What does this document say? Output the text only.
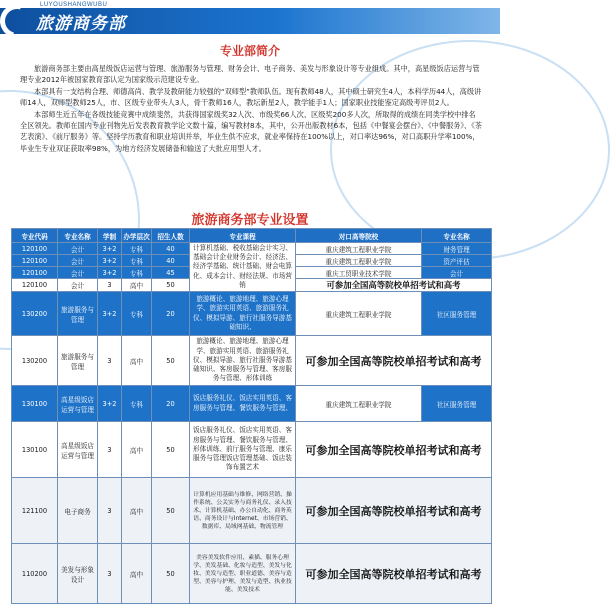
LUYOUSHANGWUBU
旅游商务部
专业部简介

旅游商务部主要由高星级饭店运营与管理、旅游服务与管理、财务会计、电子商务、美发与形象设计等专业组成。其中，高星级饭店运营与管理专业2012年被国家教育部认定为国家级示范建设专业。

本部具有一支结构合理、师德高尚、教学及教研能力较强的“双师型”教师队伍。现有教师48人，其中硕士研究生4人，本科学历44人，高级讲师14人，双师型教师25人，市、区级专业带头人3人，骨干教师16人，教坛新星2人，教学能手1人；国家职业技能鉴定高级考评员2人。

本部师生近五年在各级技能竞赛中成绩斐然，共获得国家级奖32人次、市级奖66人次、区级奖200多人次，所取得的成绩在同类学校中排名全区领先。教师在国内专业刊物先后发表教育教学论文数十篇，编写教材8本，其中，公开出版教材6本，包括《中餐宴会摆台》、《中餐服务》、《茶艺表演》、《前厅服务》等。坚持学历教育和职业培训并举，毕业生供不应求，就业率保持在100%以上，对口率达96%，对口高职升学率100%，毕业生专业双证获取率98%，为地方经济发展储备和输送了大批应用型人才。

旅游商务部专业设置
专业代码	专业名称	学制	办学层次	招生人数	专业课程	对口高等院校	专业名称
120100	会计	3+2	专科	40	计算机基础、税收基础会计实习、基础会计企业财务会计、经济法、经济学基础、统计基础、财会电算化、成本会计、财经法规、市场营销	重庆建筑工程职业学院	财务管理
120100	会计	3+2	专科	40		重庆建筑工程职业学院	资产评估
120100	会计	3+2	专科	45		重庆工贸职业技术学院	会计
120100	会计	3	高中	50		可参加全国高等院校单招考试和高考	
130200	旅游服务与管理	3+2	专科	20	旅游概论、旅游地理、旅游心理学、旅游实用英语、旅游服务礼仪、模拟导游、旅行社服务导游基础知识、	重庆建筑工程职业学院	社区服务管理
130200	旅游服务与管理	3	高中	50	旅游概论、旅游地理、旅游心理学、旅游实用英语、旅游服务礼仪、模拟导游、旅行社服务导游基础知识、客房服务与管理、客房服务与管理、形体训练	可参加全国高等院校单招考试和高考	
130100	高星级饭店运营与管理	3+2	专科	20	饭店服务礼仪、饭店实用英语、客房服务与管理、餐饮服务与管理、	重庆建筑工程职业学院	社区服务管理
130100	高星级饭店运营与管理	3	高中	50	饭店服务礼仪、饭店实用英语、客房服务与管理、餐饮服务与管理、形体训练、前厅服务与管理、康乐服务与管理饭店管理基础、饭店装饰布置艺术	可参加全国高等院校单招考试和高考	
121100	电子商务	3	高中	50	计算机应用基础与维修、网络营销、操作系统、公关实务与商务礼仪、录入技术、计算机基础、办公自动化、商务英语、商务设计与Internet、市场营销、数据库、局域网基础、物流管理	可参加全国高等院校单招考试和高考	
110200	美发与形象设计	3	高中	50	美容美发软件应用、素描、服务心理学、美发基础、化妆与造型、美发与化妆、美发与造型、职业道德、美容与造型、美容与护理、美发与造型、执业技能、美发技术	可参加全国高等院校单招考试和高考	
